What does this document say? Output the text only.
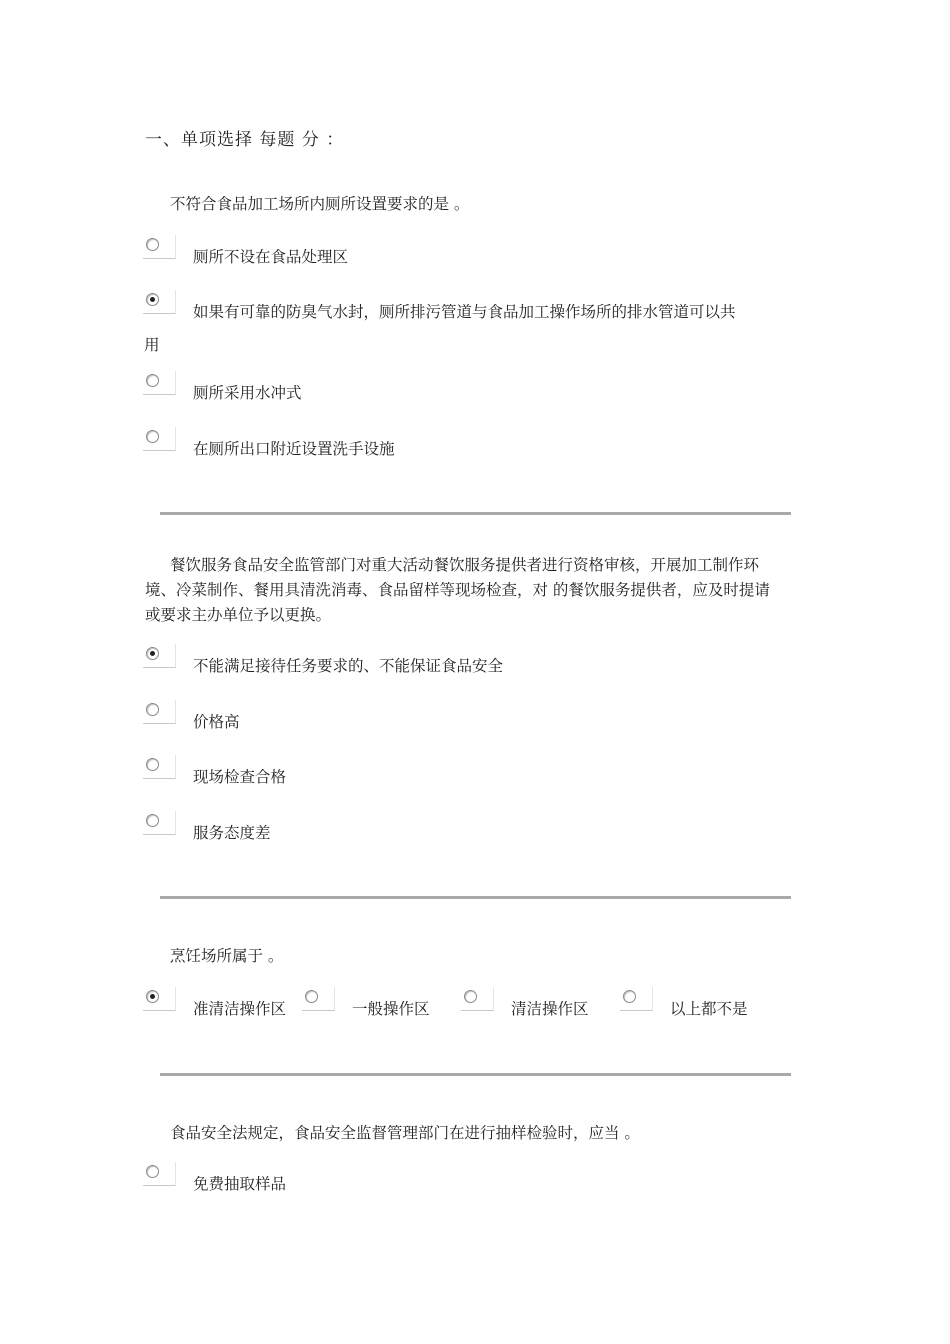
一、单项选择 每题 分 ：
不符合食品加工场所内厕所设置要求的是 。
厕所不设在食品处理区
如果有可靠的防臭气水封，厕所排污管道与食品加工操作场所的排水管道可以共
用
厕所采用水冲式
在厕所出口附近设置洗手设施
餐饮服务食品安全监管部门对重大活动餐饮服务提供者进行资格审核，开展加工制作环境、冷菜制作、餐用具清洗消毒、食品留样等现场检查，对 的餐饮服务提供者，应及时提请或要求主办单位予以更换。
不能满足接待任务要求的、不能保证食品安全
价格高
现场检查合格
服务态度差
烹饪场所属于 。
准清洁操作区	一般操作区	清洁操作区	以上都不是
食品安全法规定，食品安全监督管理部门在进行抽样检验时，应当 。
免费抽取样品
